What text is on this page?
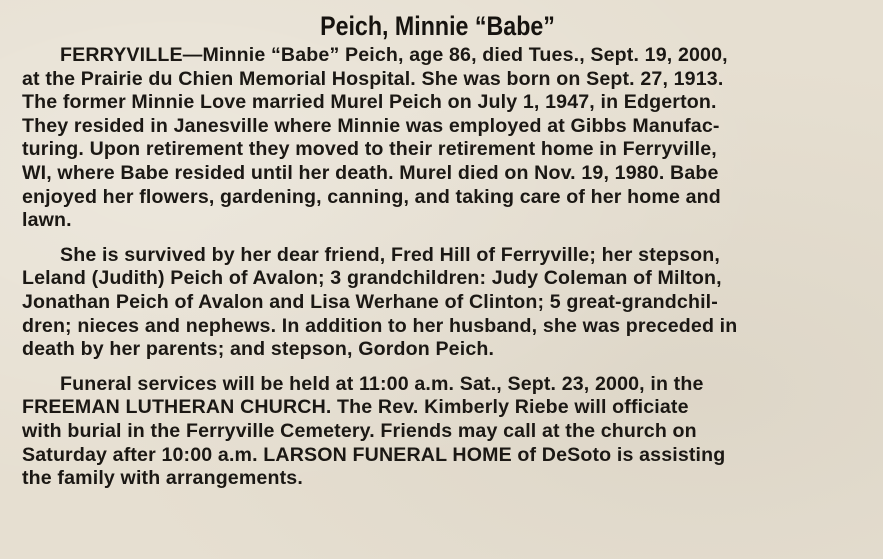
Peich, Minnie “Babe”
FERRYVILLE—Minnie “Babe” Peich, age 86, died Tues., Sept. 19, 2000,
at the Prairie du Chien Memorial Hospital. She was born on Sept. 27, 1913.
The former Minnie Love married Murel Peich on July 1, 1947, in Edgerton.
They resided in Janesville where Minnie was employed at Gibbs Manufac-
turing. Upon retirement they moved to their retirement home in Ferryville,
WI, where Babe resided until her death. Murel died on Nov. 19, 1980. Babe
enjoyed her flowers, gardening, canning, and taking care of her home and
lawn.
She is survived by her dear friend, Fred Hill of Ferryville; her stepson,
Leland (Judith) Peich of Avalon; 3 grandchildren: Judy Coleman of Milton,
Jonathan Peich of Avalon and Lisa Werhane of Clinton; 5 great-grandchil-
dren; nieces and nephews. In addition to her husband, she was preceded in
death by her parents; and stepson, Gordon Peich.
Funeral services will be held at 11:00 a.m. Sat., Sept. 23, 2000, in the
FREEMAN LUTHERAN CHURCH. The Rev. Kimberly Riebe will officiate
with burial in the Ferryville Cemetery. Friends may call at the church on
Saturday after 10:00 a.m. LARSON FUNERAL HOME of DeSoto is assisting
the family with arrangements.
